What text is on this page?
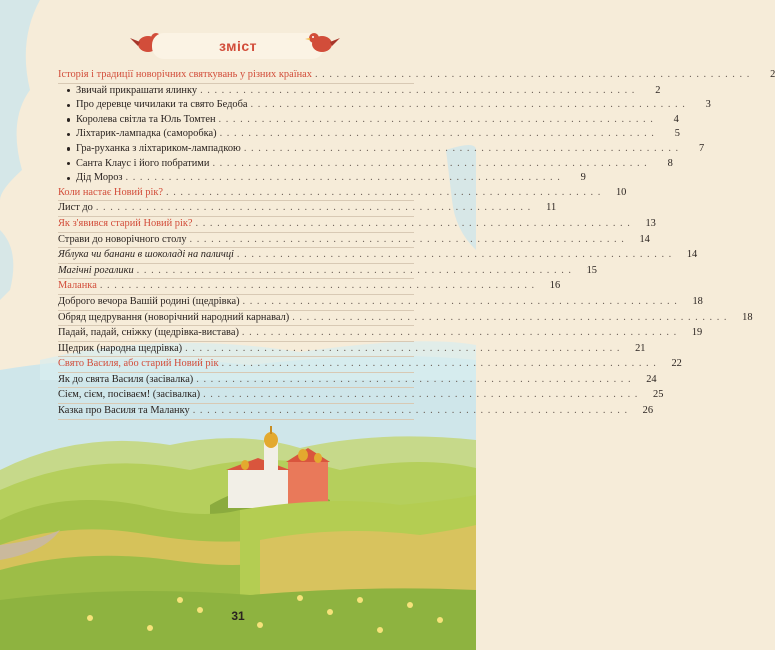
зміст
Історія і традиції новорічних святкувань у різних країнах . . . . . . . . . . . . . . . . . . . . . . . . . . . . . . . . . . . . . . . . . . . . . . . . . . . . . . . . . . . . .	2
Звичай прикрашати ялинку . . . . . . . . . . . . . . . . . . . . . . . . . . . . . . . . . . . . . . . . . . . . . . . . . . . . . . . . . . . . .	2
Про деревце чичилаки та свято Бедоба . . . . . . . . . . . . . . . . . . . . . . . . . . . . . . . . . . . . . . . . . . . . . . . . . . . . . . . . . . . . .	3
Королева світла та Юль Томтен . . . . . . . . . . . . . . . . . . . . . . . . . . . . . . . . . . . . . . . . . . . . . . . . . . . . . . . . . . . . .	4
Ліхтарик-лампадка (саморобка) . . . . . . . . . . . . . . . . . . . . . . . . . . . . . . . . . . . . . . . . . . . . . . . . . . . . . . . . . . . . .	5
Гра-руханка з ліхтариком-лампадкою . . . . . . . . . . . . . . . . . . . . . . . . . . . . . . . . . . . . . . . . . . . . . . . . . . . . . . . . . . . . .	7
Санта Клаус і його побратими . . . . . . . . . . . . . . . . . . . . . . . . . . . . . . . . . . . . . . . . . . . . . . . . . . . . . . . . . . . . .	8
Дід Мороз . . . . . . . . . . . . . . . . . . . . . . . . . . . . . . . . . . . . . . . . . . . . . . . . . . . . . . . . . . . . .	9
Коли настає Новий рік? . . . . . . . . . . . . . . . . . . . . . . . . . . . . . . . . . . . . . . . . . . . . . . . . . . . . . . . . . . . . .	10
Лист до . . . . . . . . . . . . . . . . . . . . . . . . . . . . . . . . . . . . . . . . . . . . . . . . . . . . . . . . . . . . .	11
Як з'явився старий Новий рік? . . . . . . . . . . . . . . . . . . . . . . . . . . . . . . . . . . . . . . . . . . . . . . . . . . . . . . . . . . . . .	13
Страви до новорічного столу . . . . . . . . . . . . . . . . . . . . . . . . . . . . . . . . . . . . . . . . . . . . . . . . . . . . . . . . . . . . .	14
Яблука чи банани в шоколаді на паличці . . . . . . . . . . . . . . . . . . . . . . . . . . . . . . . . . . . . . . . . . . . . . . . . . . . . . . . . . . . . .	14
Магічні рогалики . . . . . . . . . . . . . . . . . . . . . . . . . . . . . . . . . . . . . . . . . . . . . . . . . . . . . . . . . . . . .	15
Маланка . . . . . . . . . . . . . . . . . . . . . . . . . . . . . . . . . . . . . . . . . . . . . . . . . . . . . . . . . . . . .	16
Доброго вечора Вашій родині (щедрівка) . . . . . . . . . . . . . . . . . . . . . . . . . . . . . . . . . . . . . . . . . . . . . . . . . . . . . . . . . . . . .	18
Обряд щедрування (новорічний народний карнавал) . . . . . . . . . . . . . . . . . . . . . . . . . . . . . . . . . . . . . . . . . . . . . . . . . . . . . . . . . . . . .	18
Падай, падай, сніжку (щедрівка-вистава) . . . . . . . . . . . . . . . . . . . . . . . . . . . . . . . . . . . . . . . . . . . . . . . . . . . . . . . . . . . . .	19
Щедрик (народна щедрівка) . . . . . . . . . . . . . . . . . . . . . . . . . . . . . . . . . . . . . . . . . . . . . . . . . . . . . . . . . . . . .	21
Свято Василя, або старий Новий рік . . . . . . . . . . . . . . . . . . . . . . . . . . . . . . . . . . . . . . . . . . . . . . . . . . . . . . . . . . . . .	22
Як до свята Василя (засівалка) . . . . . . . . . . . . . . . . . . . . . . . . . . . . . . . . . . . . . . . . . . . . . . . . . . . . . . . . . . . . .	24
Сієм, сієм, посіваєм! (засівалка) . . . . . . . . . . . . . . . . . . . . . . . . . . . . . . . . . . . . . . . . . . . . . . . . . . . . . . . . . . . . .	25
Казка про Василя та Маланку . . . . . . . . . . . . . . . . . . . . . . . . . . . . . . . . . . . . . . . . . . . . . . . . . . . . . . . . . . . . .	26
31
